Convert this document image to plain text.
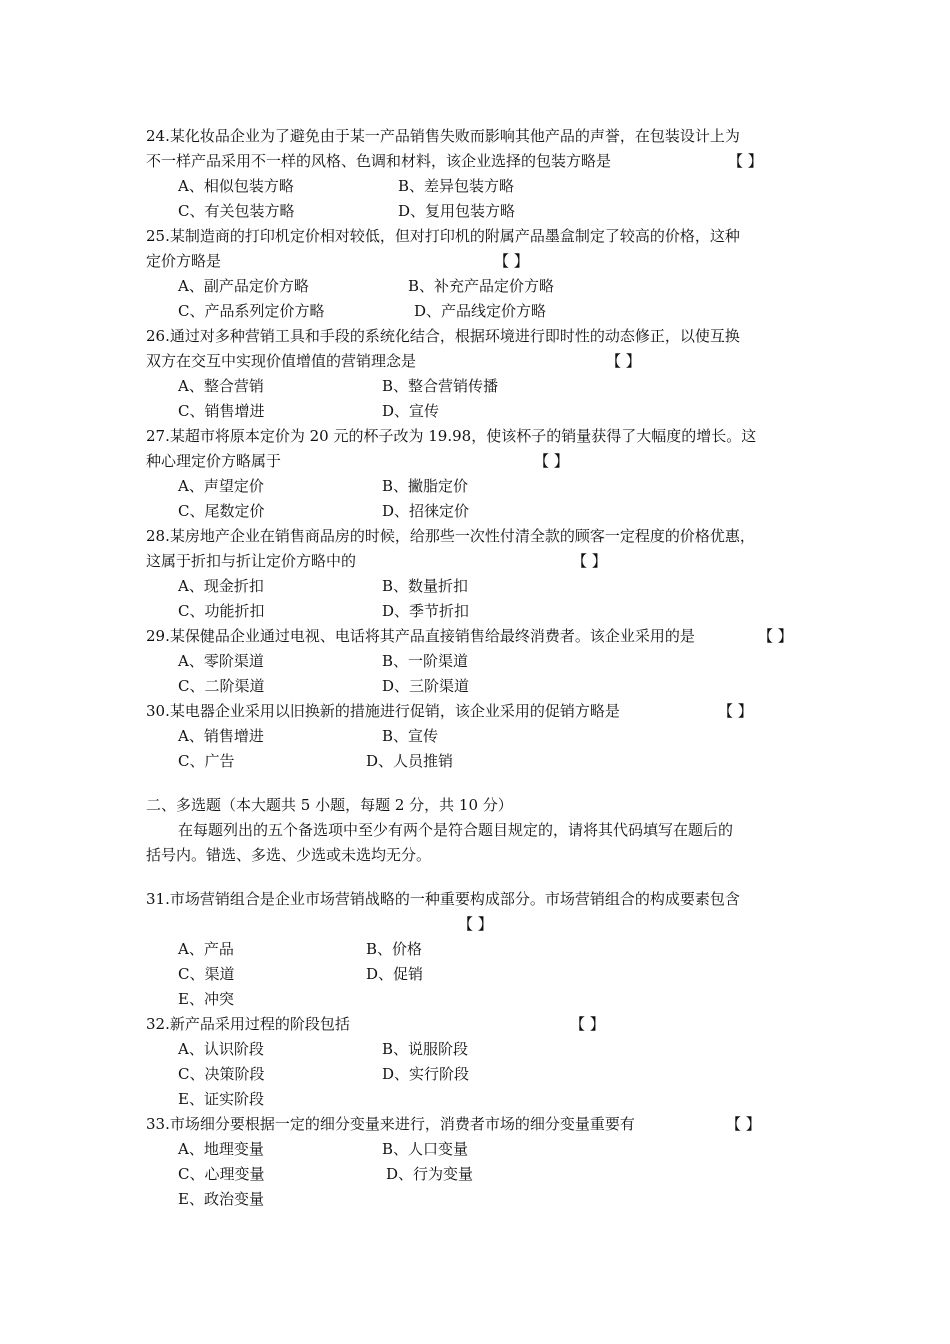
24.某化妆品企业为了避免由于某一产品销售失败而影响其他产品的声誉，在包装设计上为
不一样产品采用不一样的风格、色调和材料，该企业选择的包装方略是	【 】
A、相似包装方略	B、差异包装方略
C、有关包装方略	D、复用包装方略
25.某制造商的打印机定价相对较低，但对打印机的附属产品墨盒制定了较高的价格，这种
定价方略是	【 】
A、副产品定价方略	B、补充产品定价方略
C、产品系列定价方略	D、产品线定价方略
26.通过对多种营销工具和手段的系统化结合，根据环境进行即时性的动态修正，以使互换
双方在交互中实现价值增值的营销理念是	【 】
A、整合营销	B、整合营销传播
C、销售增进	D、宣传
27.某超市将原本定价为 20 元的杯子改为 19.98，使该杯子的销量获得了大幅度的增长。这
种心理定价方略属于	【 】
A、声望定价	B、撇脂定价
C、尾数定价	D、招徕定价
28.某房地产企业在销售商品房的时候，给那些一次性付清全款的顾客一定程度的价格优惠，
这属于折扣与折让定价方略中的	【 】
A、现金折扣	B、数量折扣
C、功能折扣	D、季节折扣
29.某保健品企业通过电视、电话将其产品直接销售给最终消费者。该企业采用的是	【 】
A、零阶渠道	B、一阶渠道
C、二阶渠道	D、三阶渠道
30.某电器企业采用以旧换新的措施进行促销，该企业采用的促销方略是	【 】
A、销售增进	B、宣传
C、广告	D、人员推销
二、多选题（本大题共 5 小题，每题 2 分，共 10 分）
在每题列出的五个备选项中至少有两个是符合题目规定的，请将其代码填写在题后的
括号内。错选、多选、少选或未选均无分。
31.市场营销组合是企业市场营销战略的一种重要构成部分。市场营销组合的构成要素包含
【 】
A、产品	B、价格
C、渠道	D、促销
E、冲突
32.新产品采用过程的阶段包括	【 】
A、认识阶段	B、说服阶段
C、决策阶段	D、实行阶段
E、证实阶段
33.市场细分要根据一定的细分变量来进行，消费者市场的细分变量重要有	【 】
A、地理变量	B、人口变量
C、心理变量	D、行为变量
E、政治变量
